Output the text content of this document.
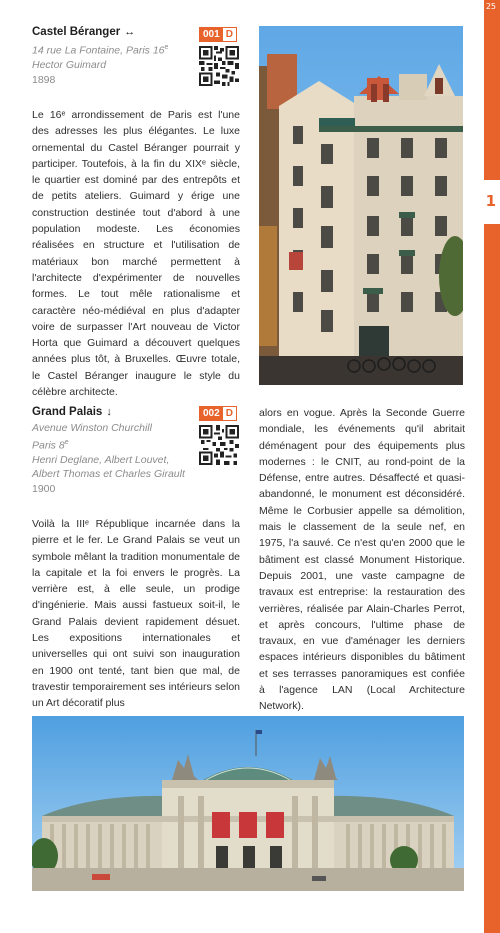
25
1
Castel Béranger ↔
14 rue La Fontaine, Paris 16e
Hector Guimard
1898
001 D
Le 16ᵉ arrondissement de Paris est l'une des adresses les plus élégantes. Le luxe ornemental du Castel Béranger pourrait y participer. Toutefois, à la fin du XIXᵉ siècle, le quartier est dominé par des entrepôts et de petits ateliers. Guimard y érige une construction destinée tout d'abord à une population modeste. Les économies réalisées en structure et l'utilisation de matériaux bon marché permettent à l'architecte d'expérimenter de nouvelles formes. Le tout mêle rationalisme et caractère néo-médiéval en plus d'adapter voire de surpasser l'Art nouveau de Victor Horta que Guimard a découvert quelques années plus tôt, à Bruxelles. Œuvre totale, le Castel Béranger inaugure le style du célèbre architecte.
Grand Palais ↓
Avenue Winston Churchill
Paris 8e
Henri Deglane, Albert Louvet, Albert Thomas et Charles Girault
1900
002 D
Voilà la IIIᵉ République incarnée dans la pierre et le fer. Le Grand Palais se veut un symbole mêlant la tradition monumentale de la capitale et la foi envers le progrès. La verrière est, à elle seule, un prodige d'ingénierie. Mais aussi fastueux soit-il, le Grand Palais devient rapidement désuet. Les expositions internationales et universelles qui ont suivi son inauguration en 1900 ont tenté, tant bien que mal, de travestir temporairement ses intérieurs selon un Art décoratif plus
alors en vogue. Après la Seconde Guerre mondiale, les événements qu'il abritait déménagent pour des équipements plus modernes : le CNIT, au rond-point de la Défense, entre autres. Désaffecté et quasi-abandonné, le monument est déconsidéré. Même le Corbusier appelle sa démolition, mais le classement de la seule nef, en 1975, l'a sauvé. Ce n'est qu'en 2000 que le bâtiment est classé Monument Historique. Depuis 2001, une vaste campagne de travaux est entreprise: la restauration des verrières, réalisée par Alain-Charles Perrot, et après concours, l'ultime phase de travaux, en vue d'aménager les derniers espaces intérieurs disponibles du bâtiment et ses terrasses panoramiques est confiée à l'agence LAN (Local Architecture Network).
